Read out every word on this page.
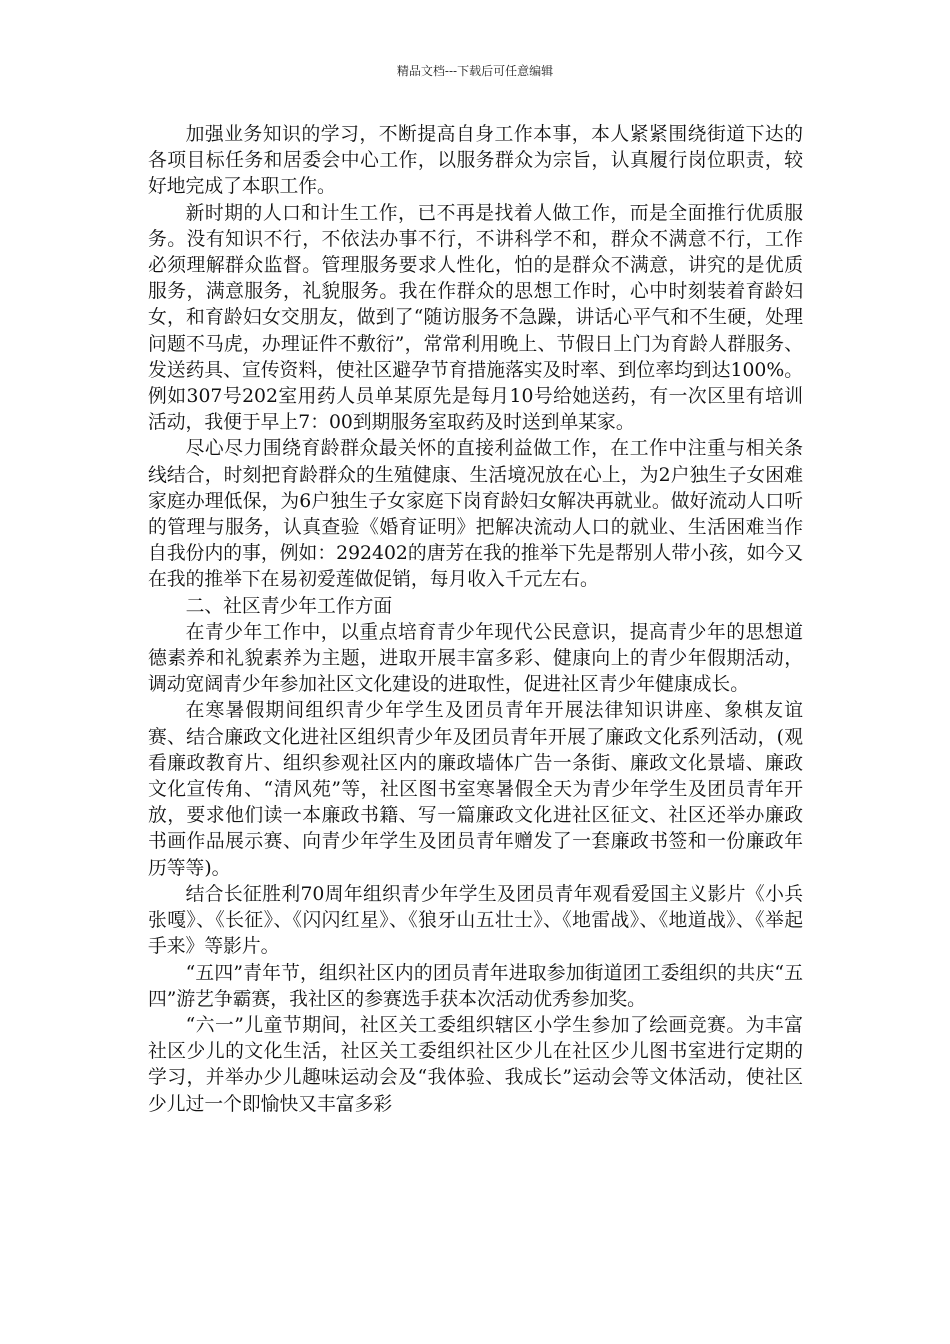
精品文档---下载后可任意编辑

加强业务知识的学习，不断提高自身工作本事，本人紧紧围绕街道下达的各项目标任务和居委会中心工作，以服务群众为宗旨，认真履行岗位职责，较好地完成了本职工作。

新时期的人口和计生工作，已不再是找着人做工作，而是全面推行优质服务。没有知识不行，不依法办事不行，不讲科学不和，群众不满意不行，工作必须理解群众监督。管理服务要求人性化，怕的是群众不满意，讲究的是优质服务，满意服务，礼貌服务。我在作群众的思想工作时，心中时刻装着育龄妇女，和育龄妇女交朋友，做到了“随访服务不急躁，讲话心平气和不生硬，处理问题不马虎，办理证件不敷衍”，常常利用晚上、节假日上门为育龄人群服务、发送药具、宣传资料，使社区避孕节育措施落实及时率、到位率均到达100%。例如307号202室用药人员单某原先是每月10号给她送药，有一次区里有培训活动，我便于早上7：00到期服务室取药及时送到单某家。

尽心尽力围绕育龄群众最关怀的直接利益做工作，在工作中注重与相关条线结合，时刻把育龄群众的生殖健康、生活境况放在心上，为2户独生子女困难家庭办理低保，为6户独生子女家庭下岗育龄妇女解决再就业。做好流动人口听的管理与服务，认真查验《婚育证明》把解决流动人口的就业、生活困难当作自我份内的事，例如：292402的唐芳在我的推举下先是帮别人带小孩，如今又在我的推举下在易初爱莲做促销，每月收入千元左右。

二、社区青少年工作方面

在青少年工作中，以重点培育青少年现代公民意识，提高青少年的思想道德素养和礼貌素养为主题，进取开展丰富多彩、健康向上的青少年假期活动，调动宽阔青少年参加社区文化建设的进取性，促进社区青少年健康成长。

在寒暑假期间组织青少年学生及团员青年开展法律知识讲座、象棋友谊赛、结合廉政文化进社区组织青少年及团员青年开展了廉政文化系列活动，(观看廉政教育片、组织参观社区内的廉政墙体广告一条街、廉政文化景墙、廉政文化宣传角、“清风苑”等，社区图书室寒暑假全天为青少年学生及团员青年开放，要求他们读一本廉政书籍、写一篇廉政文化进社区征文、社区还举办廉政书画作品展示赛、向青少年学生及团员青年赠发了一套廉政书签和一份廉政年历等等)。

结合长征胜利70周年组织青少年学生及团员青年观看爱国主义影片《小兵张嘎》、《长征》、《闪闪红星》、《狼牙山五壮士》、《地雷战》、《地道战》、《举起手来》等影片。

“五四”青年节，组织社区内的团员青年进取参加街道团工委组织的共庆“五四”游艺争霸赛，我社区的参赛选手获本次活动优秀参加奖。

“六一”儿童节期间，社区关工委组织辖区小学生参加了绘画竞赛。为丰富社区少儿的文化生活，社区关工委组织社区少儿在社区少儿图书室进行定期的学习，并举办少儿趣味运动会及“我体验、我成长”运动会等文体活动，使社区少儿过一个即愉快又丰富多彩
